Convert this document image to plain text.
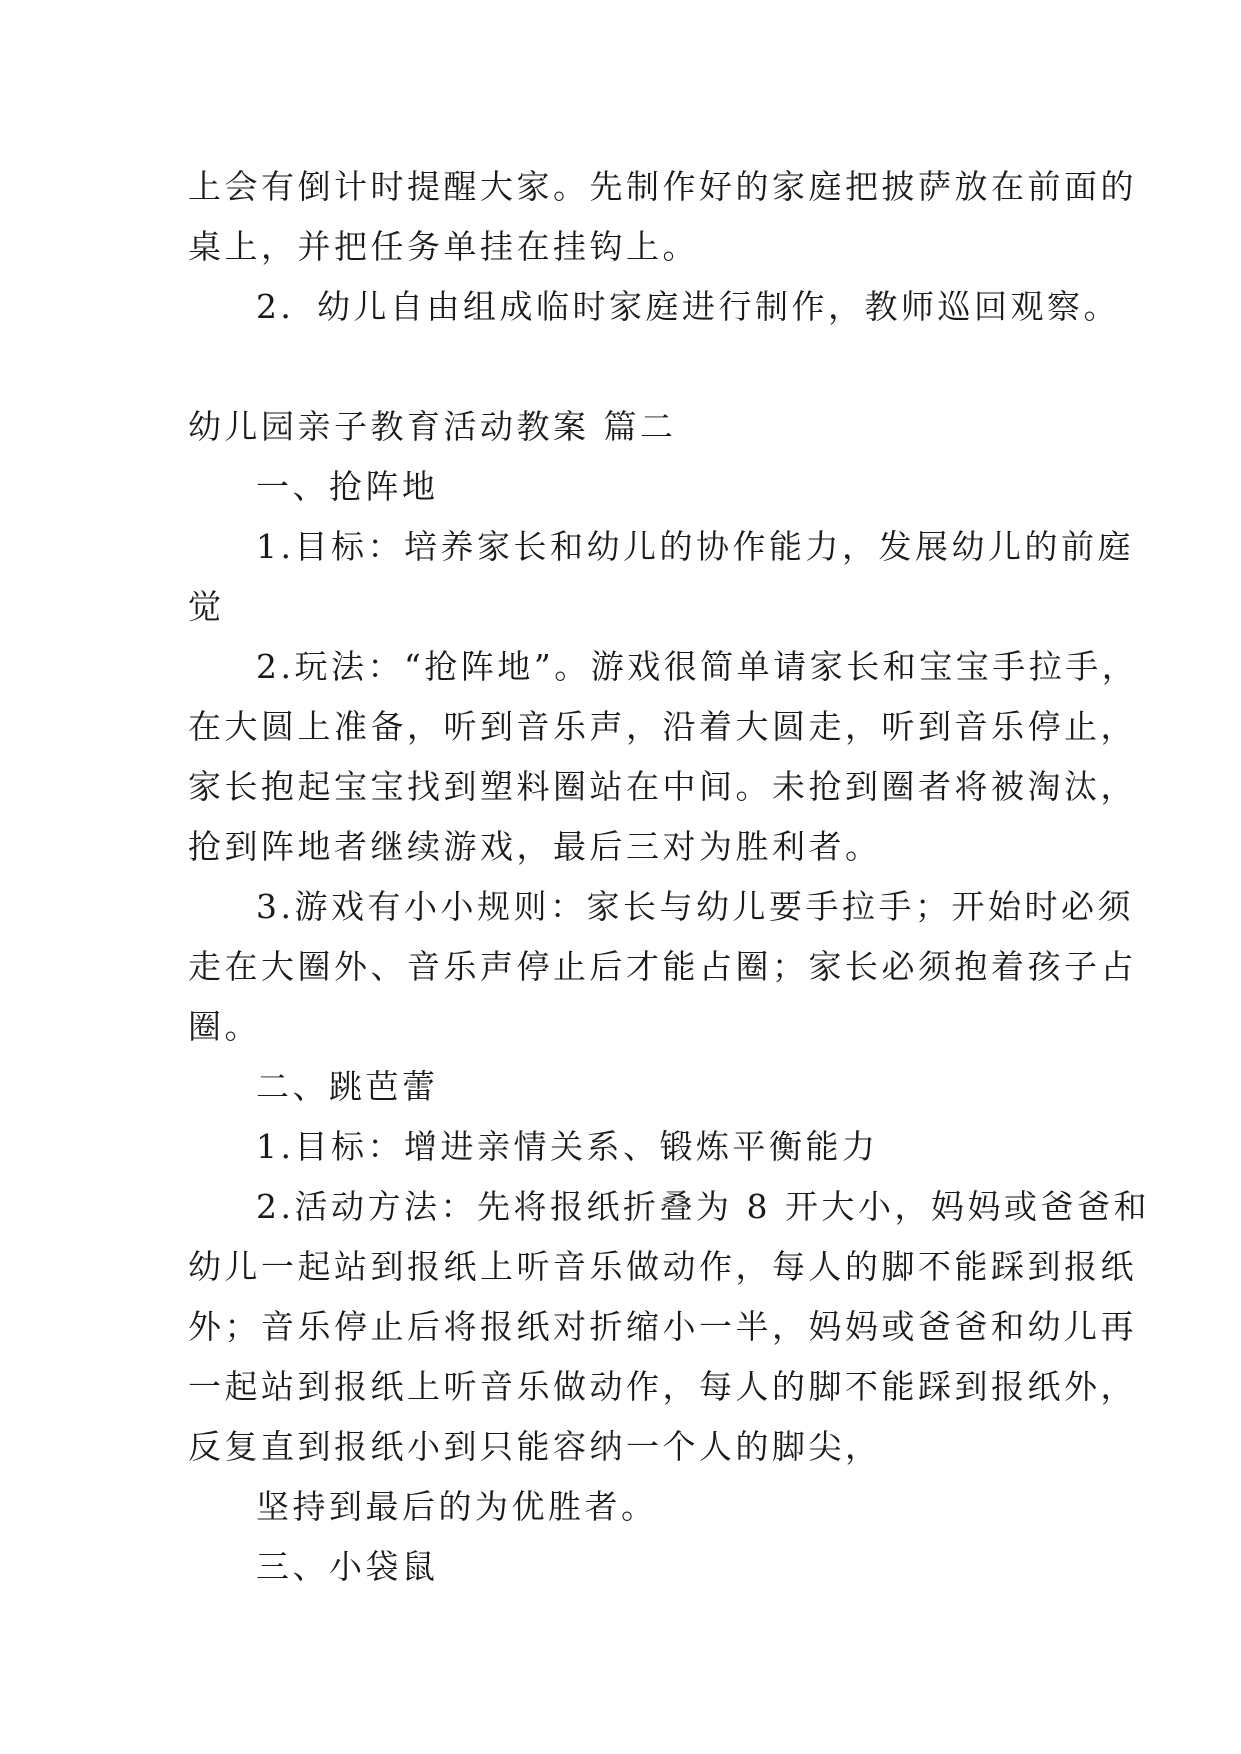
上会有倒计时提醒大家。先制作好的家庭把披萨放在前面的
桌上，并把任务单挂在挂钩上。
2．幼儿自由组成临时家庭进行制作，教师巡回观察。
幼儿园亲子教育活动教案 篇二
一、抢阵地
1.目标：培养家长和幼儿的协作能力，发展幼儿的前庭
觉
2.玩法：“抢阵地”。游戏很简单请家长和宝宝手拉手，
在大圆上准备，听到音乐声，沿着大圆走，听到音乐停止，
家长抱起宝宝找到塑料圈站在中间。未抢到圈者将被淘汰，
抢到阵地者继续游戏，最后三对为胜利者。
3.游戏有小小规则：家长与幼儿要手拉手；开始时必须
走在大圈外、音乐声停止后才能占圈；家长必须抱着孩子占
圈。
二、跳芭蕾
1.目标：增进亲情关系、锻炼平衡能力
2.活动方法：先将报纸折叠为 8 开大小，妈妈或爸爸和
幼儿一起站到报纸上听音乐做动作，每人的脚不能踩到报纸
外；音乐停止后将报纸对折缩小一半，妈妈或爸爸和幼儿再
一起站到报纸上听音乐做动作，每人的脚不能踩到报纸外，
反复直到报纸小到只能容纳一个人的脚尖，
坚持到最后的为优胜者。
三、小袋鼠
